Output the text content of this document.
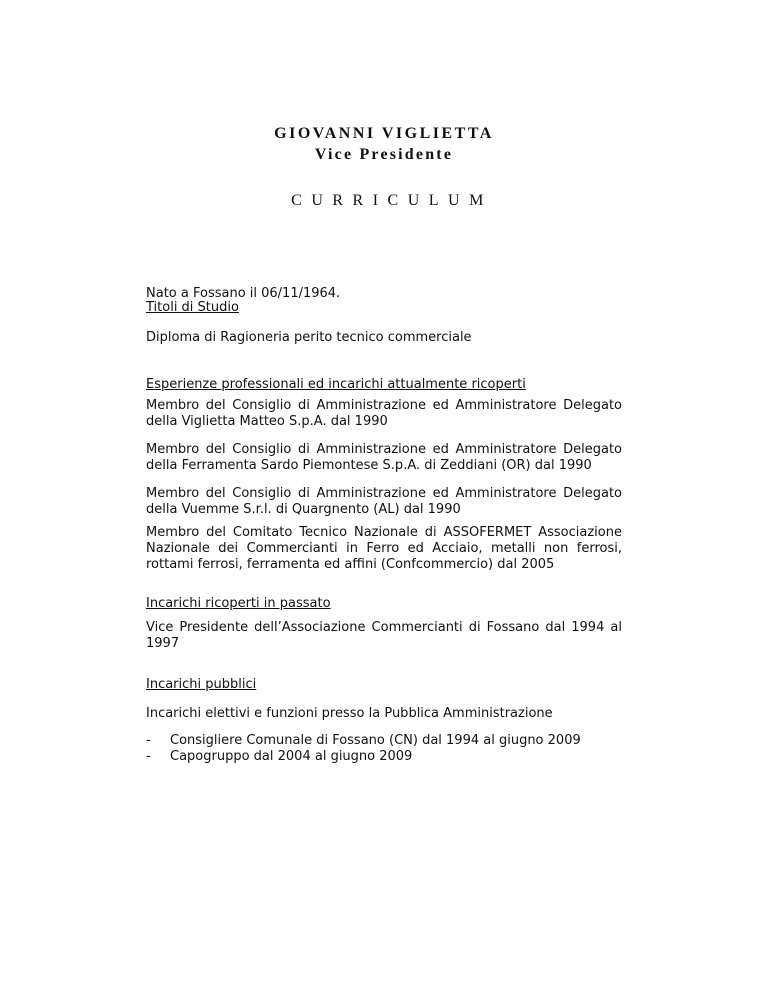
GIOVANNI VIGLIETTA
Vice Presidente
CURRICULUM
Nato a Fossano il 06/11/1964.
Titoli di Studio
Diploma di Ragioneria perito tecnico commerciale
Esperienze professionali ed incarichi attualmente ricoperti
Membro del Consiglio di Amministrazione ed Amministratore Delegato della Viglietta Matteo S.p.A. dal 1990
Membro del Consiglio di Amministrazione ed Amministratore Delegato della Ferramenta Sardo Piemontese S.p.A. di Zeddiani (OR) dal 1990
Membro del Consiglio di Amministrazione ed Amministratore Delegato della Vuemme S.r.l. di Quargnento (AL) dal 1990
Membro del Comitato Tecnico Nazionale di ASSOFERMET Associazione Nazionale dei Commercianti in Ferro ed Acciaio, metalli non ferrosi, rottami ferrosi, ferramenta ed affini (Confcommercio) dal 2005
Incarichi ricoperti in passato
Vice Presidente dell’Associazione Commercianti di Fossano dal 1994 al 1997
Incarichi pubblici
Incarichi elettivi e funzioni presso la Pubblica Amministrazione
- Consigliere Comunale di Fossano (CN) dal 1994 al giugno 2009
- Capogruppo dal 2004 al giugno 2009
